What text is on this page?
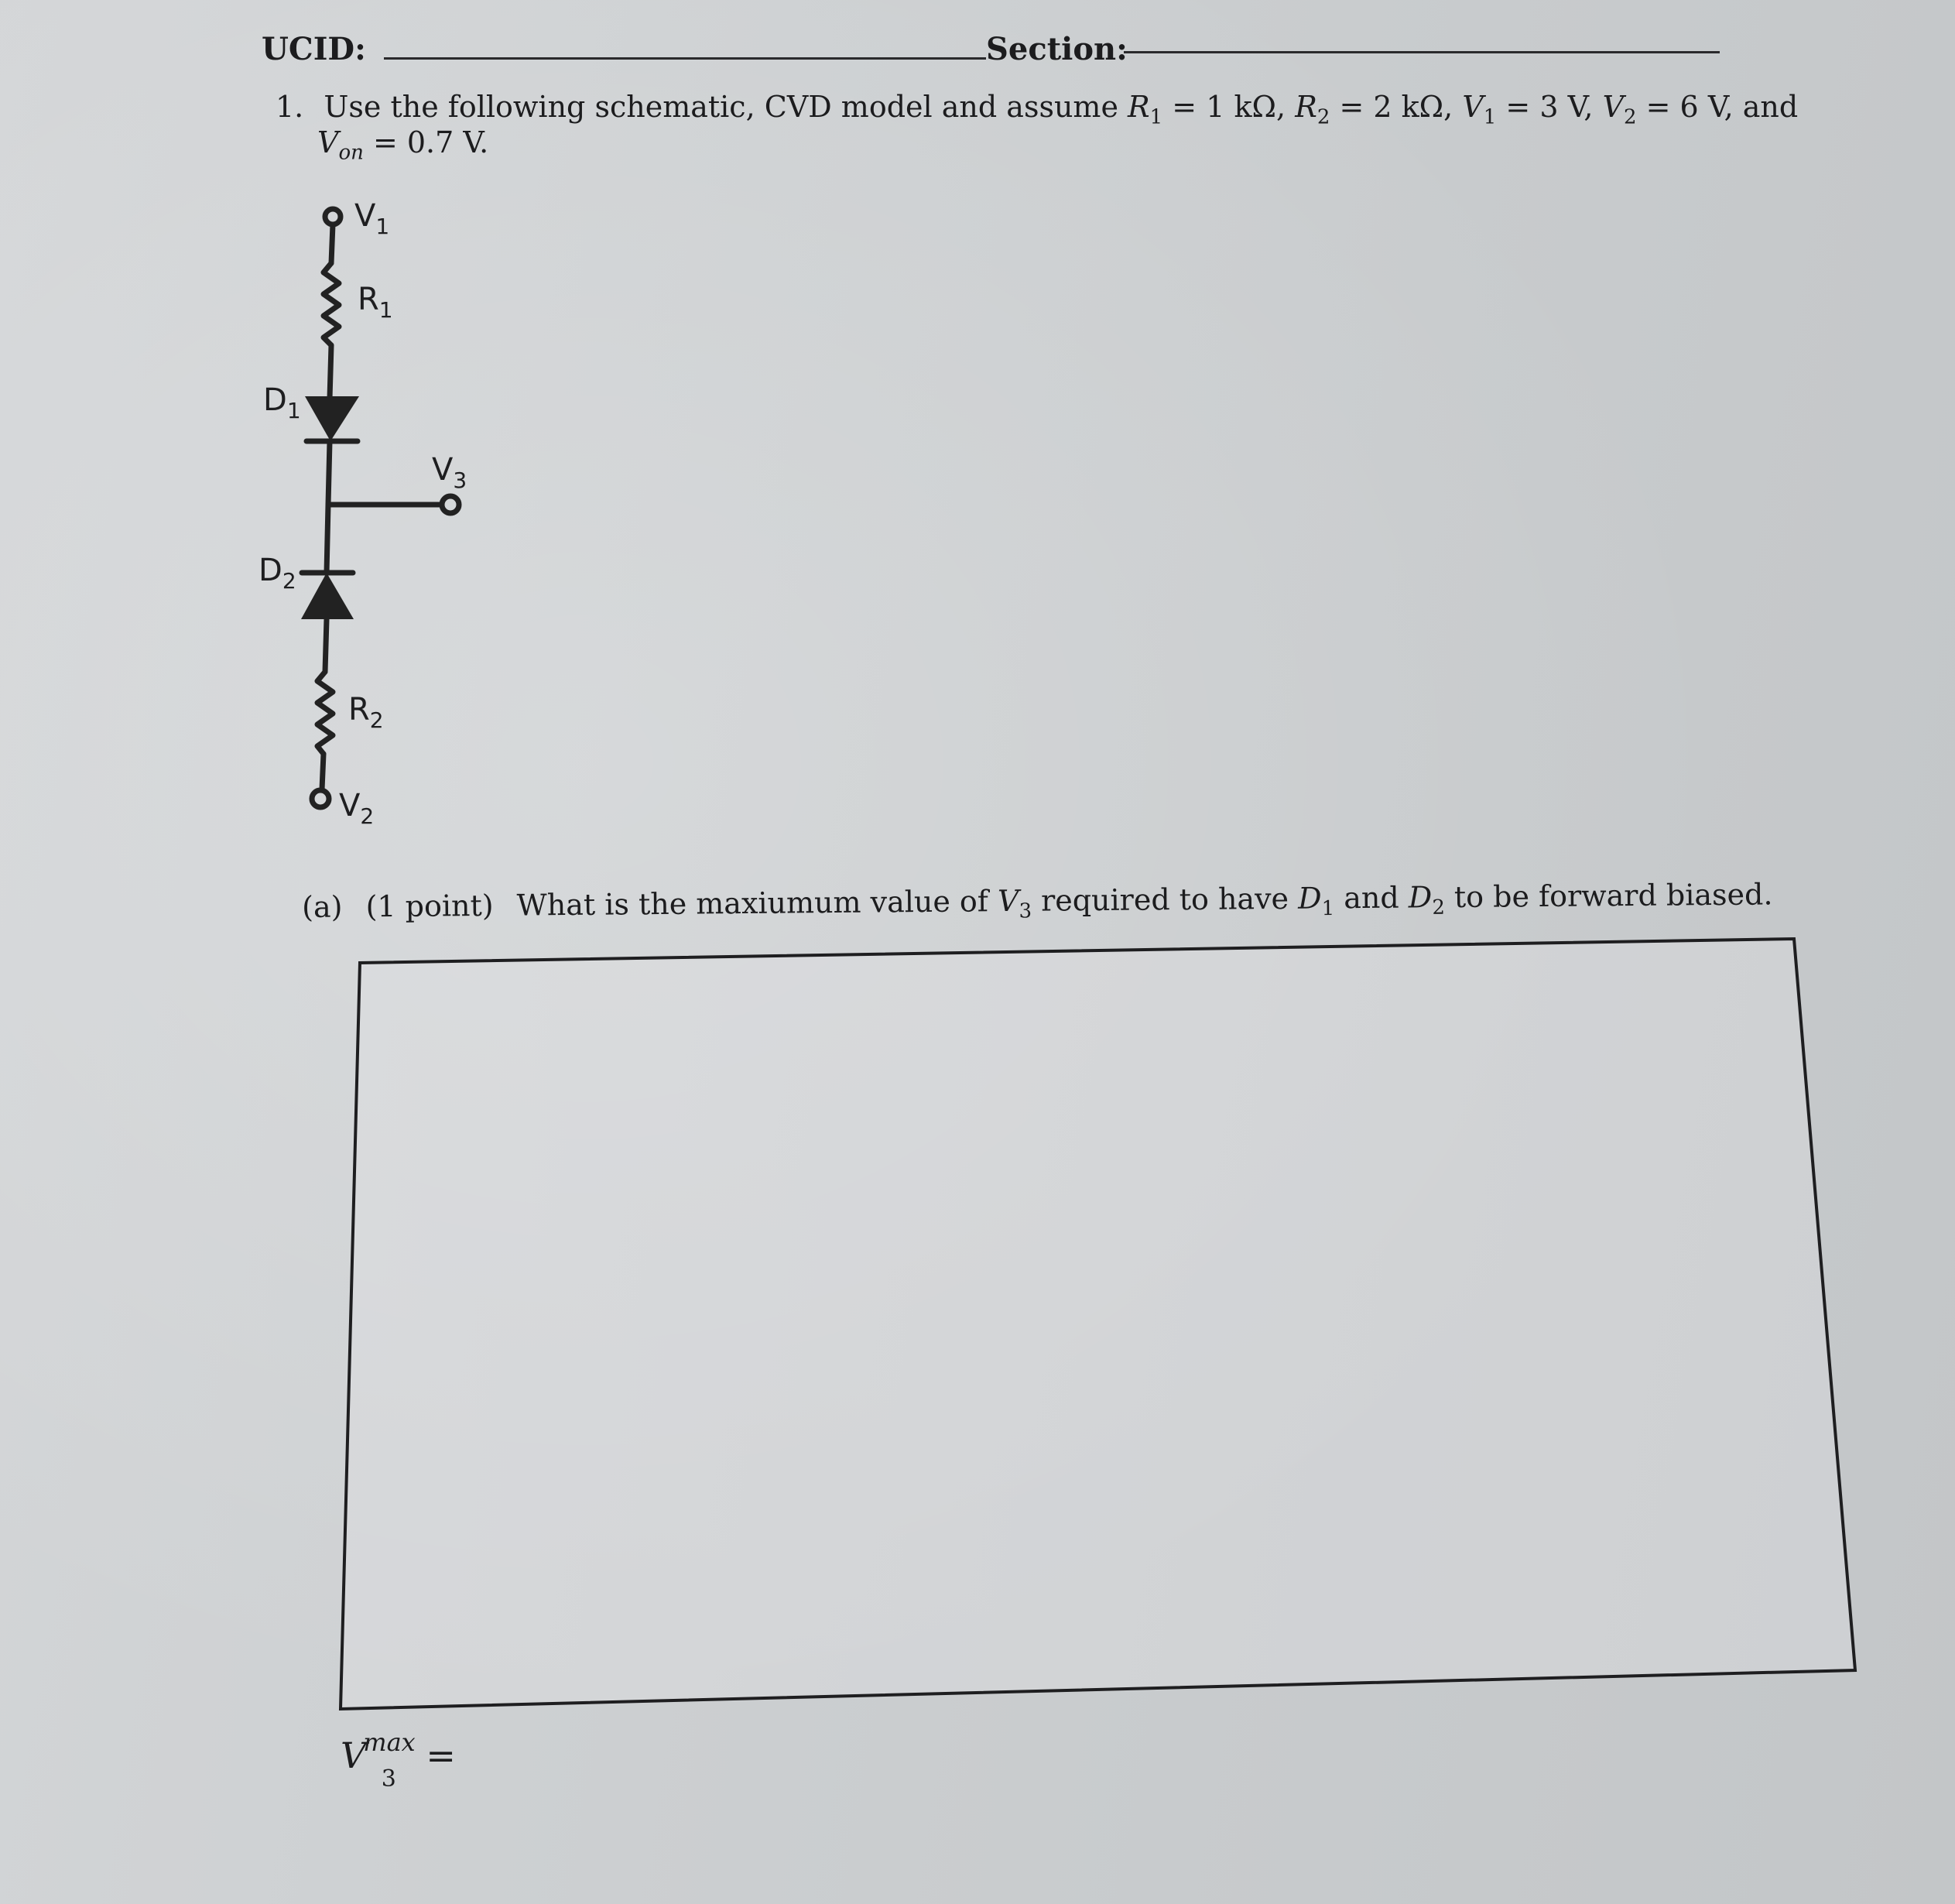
UCID:	Section:
1. Use the following schematic, CVD model and assume $R_1 = 1$ kΩ, $R_2 = 2$ kΩ, $V_1 = 3$ V, $V_2 = 6$ V, and
$V_{on} = 0.7$ V.
$V_1$
$R_1$
$D_1$
$V_3$
$D_2$
$R_2$
$V_2$
(a) (1 point) What is the maxiumum value of $V_3$ required to have $D_1$ and $D_2$ to be forward biased.
$V^{max}_3$ =
